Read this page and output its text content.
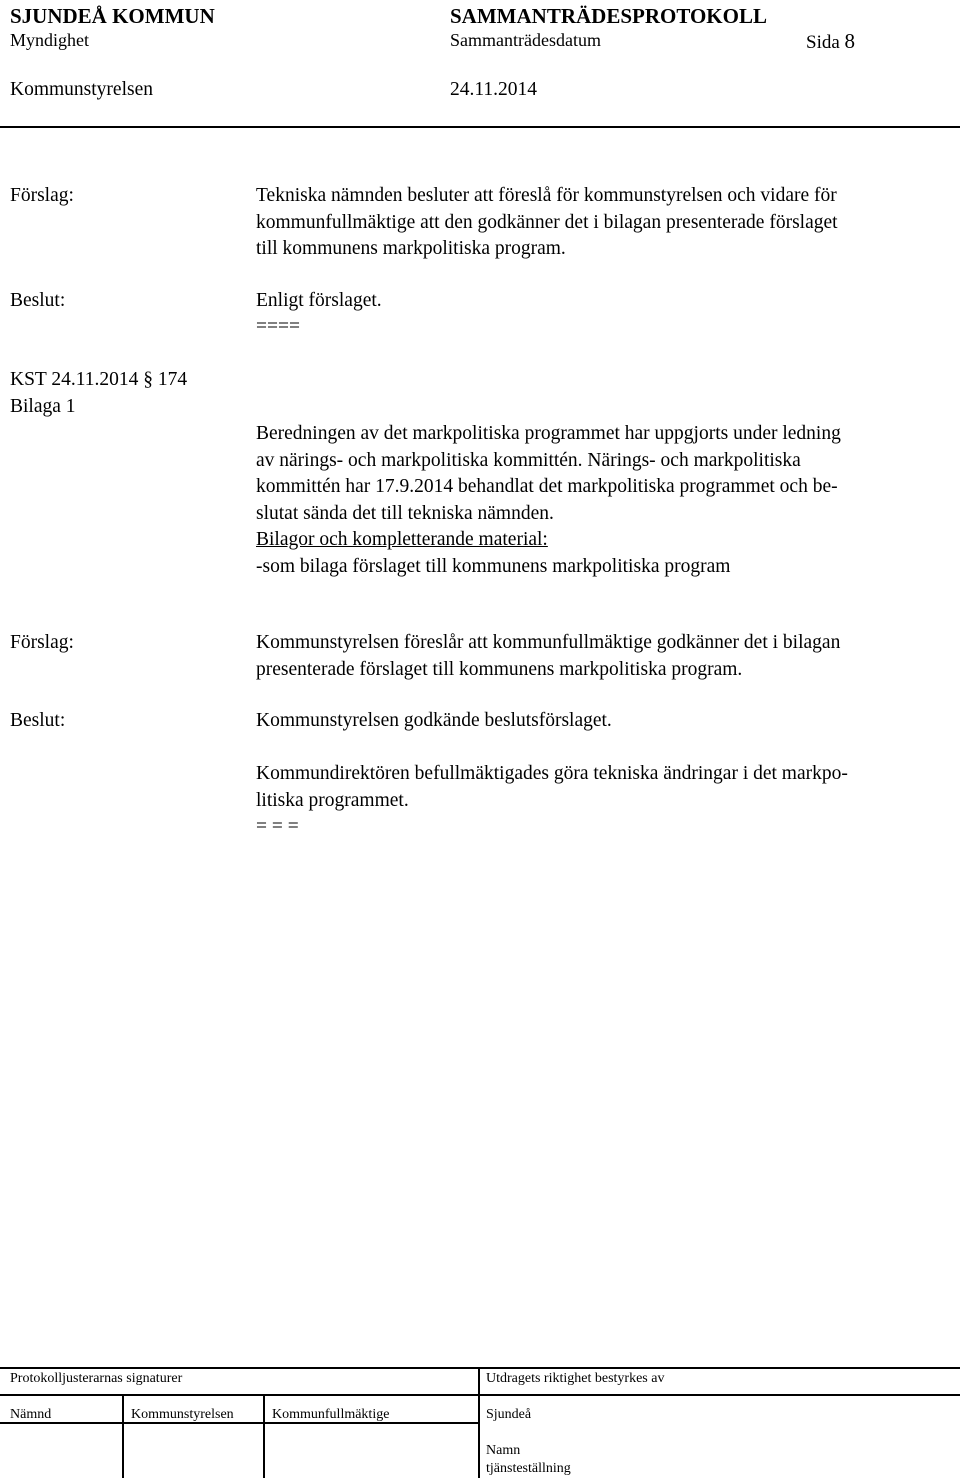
SJUNDEÅ KOMMUN	SAMMANTRÄDESPROTOKOLL
Myndighet	Sammanträdesdatum	Sida 8
Kommunstyrelsen	24.11.2014
Förslag:	Tekniska nämnden besluter att föreslå för kommunstyrelsen och vidare för
kommunfullmäktige att den godkänner det i bilagan presenterade förslaget
till kommunens markpolitiska program.
Beslut:	Enligt förslaget.
====
KST 24.11.2014 § 174
Bilaga 1
Beredningen av det markpolitiska programmet har uppgjorts under ledning
av närings- och markpolitiska kommittén. Närings- och markpolitiska
kommittén har 17.9.2014 behandlat det markpolitiska programmet och be-
slutat sända det till tekniska nämnden.
Bilagor och kompletterande material:
-som bilaga förslaget till kommunens markpolitiska program
Förslag:	Kommunstyrelsen föreslår att kommunfullmäktige godkänner det i bilagan
presenterade förslaget till kommunens markpolitiska program.
Beslut:	Kommunstyrelsen godkände beslutsförslaget.
Kommundirektören befullmäktigades göra tekniska ändringar i det markpo-
litiska programmet.
= = =
Protokolljusterarnas signaturer	Utdragets riktighet bestyrkes av
Nämnd	Kommunstyrelsen	Kommunfullmäktige	Sjundeå
Namn
tjänsteställning
